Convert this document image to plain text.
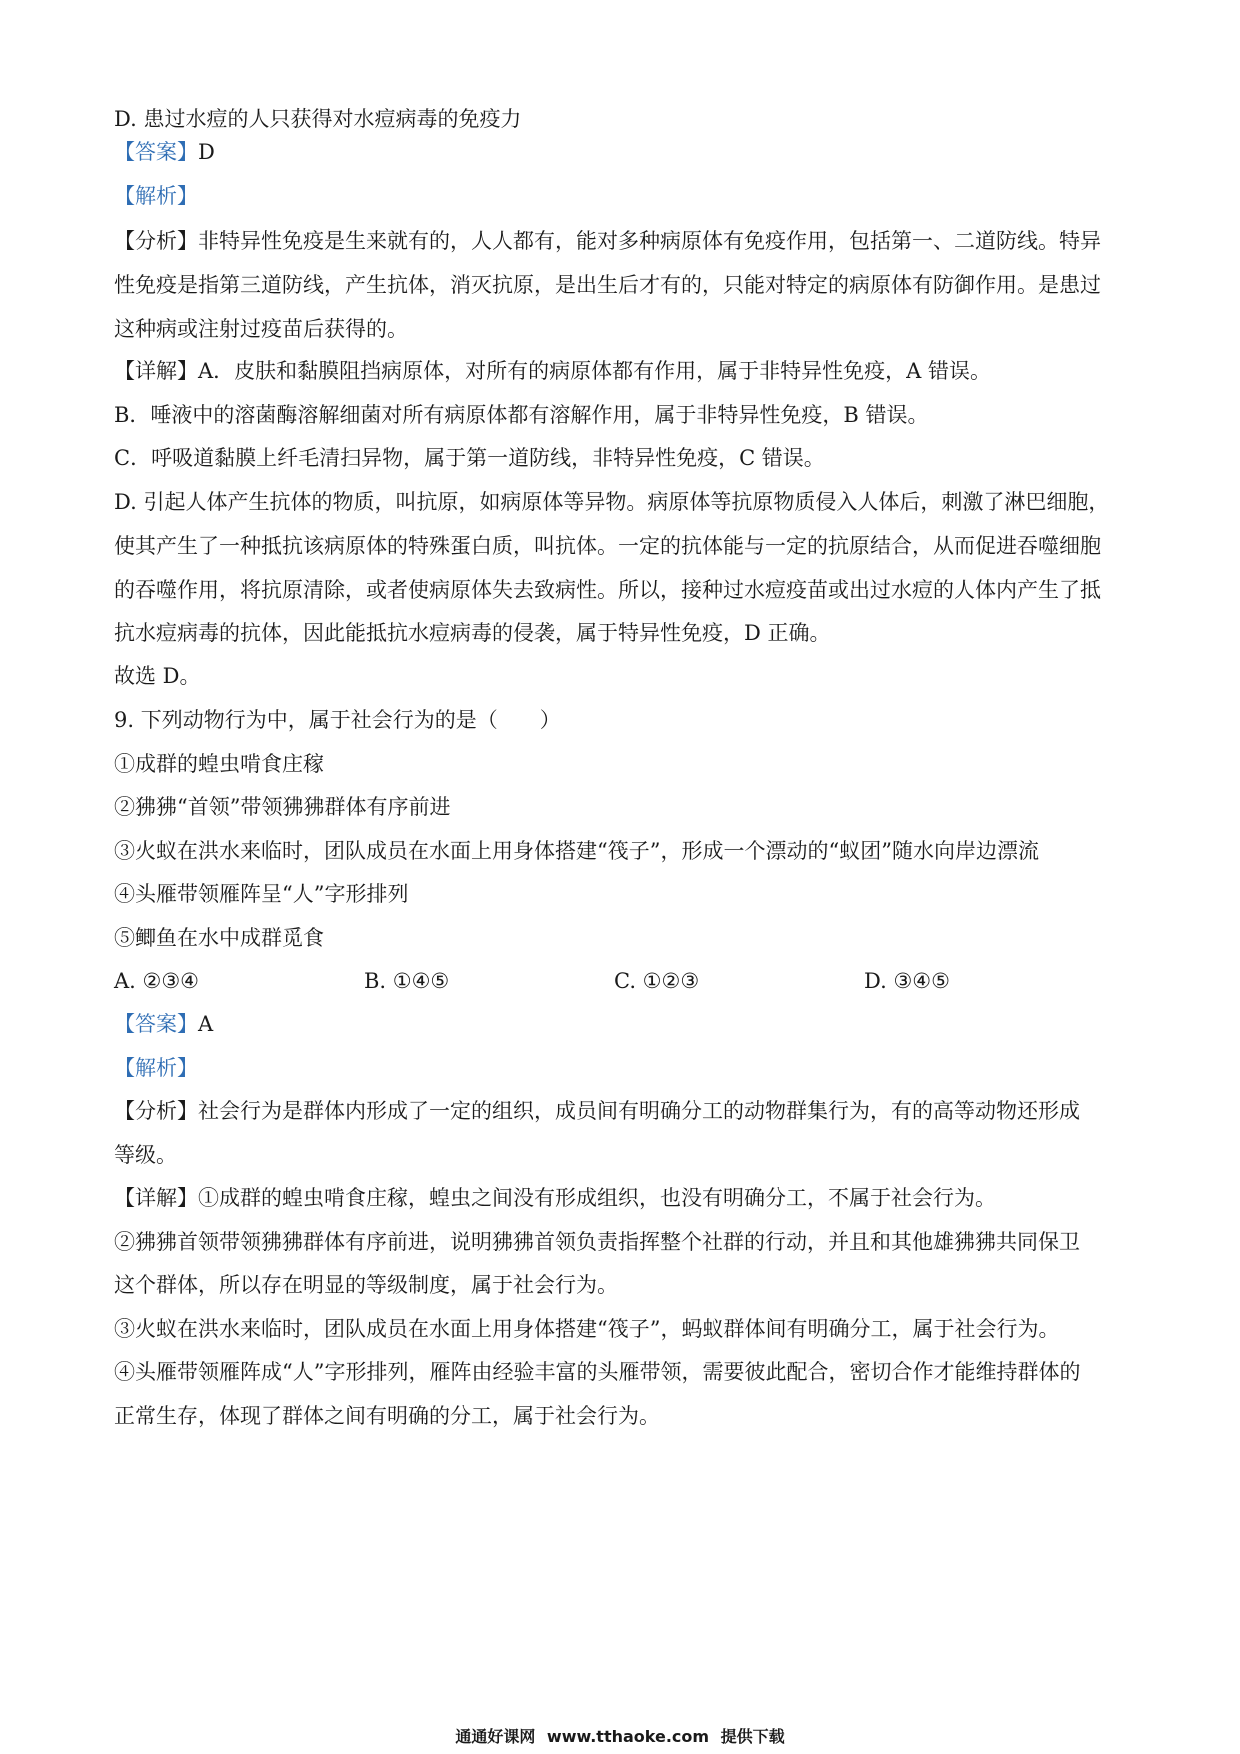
D. 患过水痘的人只获得对水痘病毒的免疫力
【答案】D
【解析】
【分析】非特异性免疫是生来就有的，人人都有，能对多种病原体有免疫作用，包括第一、二道防线。特异
性免疫是指第三道防线，产生抗体，消灭抗原，是出生后才有的，只能对特定的病原体有防御作用。是患过
这种病或注射过疫苗后获得的。
【详解】A．皮肤和黏膜阻挡病原体，对所有的病原体都有作用，属于非特异性免疫，A 错误。
B．唾液中的溶菌酶溶解细菌对所有病原体都有溶解作用，属于非特异性免疫，B 错误。
C．呼吸道黏膜上纤毛清扫异物，属于第一道防线，非特异性免疫，C 错误。
D. 引起人体产生抗体的物质，叫抗原，如病原体等异物。病原体等抗原物质侵入人体后，刺激了淋巴细胞，
使其产生了一种抵抗该病原体的特殊蛋白质，叫抗体。一定的抗体能与一定的抗原结合，从而促进吞噬细胞
的吞噬作用，将抗原清除，或者使病原体失去致病性。所以，接种过水痘疫苗或出过水痘的人体内产生了抵
抗水痘病毒的抗体，因此能抵抗水痘病毒的侵袭，属于特异性免疫，D 正确。
故选 D。
9. 下列动物行为中，属于社会行为的是（　　）
①成群的蝗虫啃食庄稼
②狒狒“首领”带领狒狒群体有序前进
③火蚁在洪水来临时，团队成员在水面上用身体搭建“筏子”，形成一个漂动的“蚁团”随水向岸边漂流
④头雁带领雁阵呈“人”字形排列
⑤鲫鱼在水中成群觅食
A. ②③④	B. ①④⑤	C. ①②③	D. ③④⑤
【答案】A
【解析】
【分析】社会行为是群体内形成了一定的组织，成员间有明确分工的动物群集行为，有的高等动物还形成
等级。
【详解】①成群的蝗虫啃食庄稼，蝗虫之间没有形成组织，也没有明确分工，不属于社会行为。
②狒狒首领带领狒狒群体有序前进，说明狒狒首领负责指挥整个社群的行动，并且和其他雄狒狒共同保卫
这个群体，所以存在明显的等级制度，属于社会行为。
③火蚁在洪水来临时，团队成员在水面上用身体搭建“筏子”，蚂蚁群体间有明确分工，属于社会行为。
④头雁带领雁阵成“人”字形排列，雁阵由经验丰富的头雁带领，需要彼此配合，密切合作才能维持群体的
正常生存，体现了群体之间有明确的分工，属于社会行为。
通通好课网 www.tthaoke.com 提供下载
